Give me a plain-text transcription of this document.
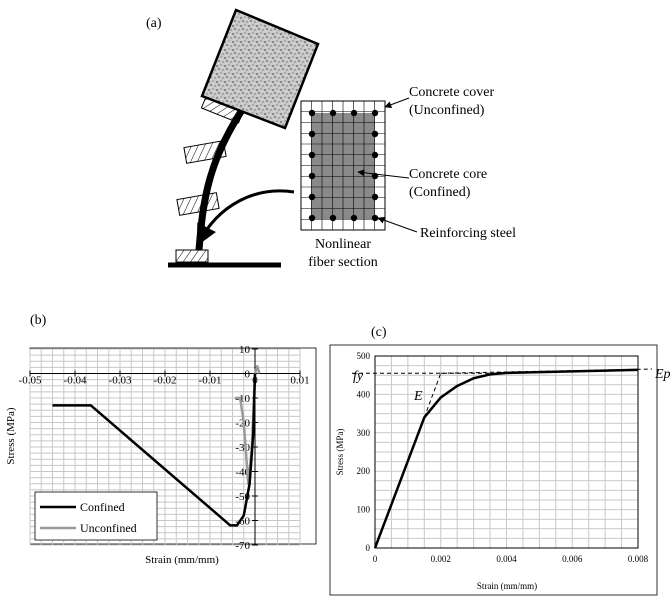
(a)
Concrete cover
(Unconfined)
Concrete core
(Confined)
Reinforcing steel
Nonlinear
fiber section
(b)
-0.05 -0.04 -0.03 -0.02 -0.01	0	0.01
10
0
-10
-20
-30
-40
-50
-60
-70
Strain (mm/mm)
Stress (MPa)
Confined
Unconfined
(c)
0	0.002	0.004	0.006	0.008
0
100
200
300
400
500
Strain (mm/mm)
Stress (MPa)
fy
E
Ep
